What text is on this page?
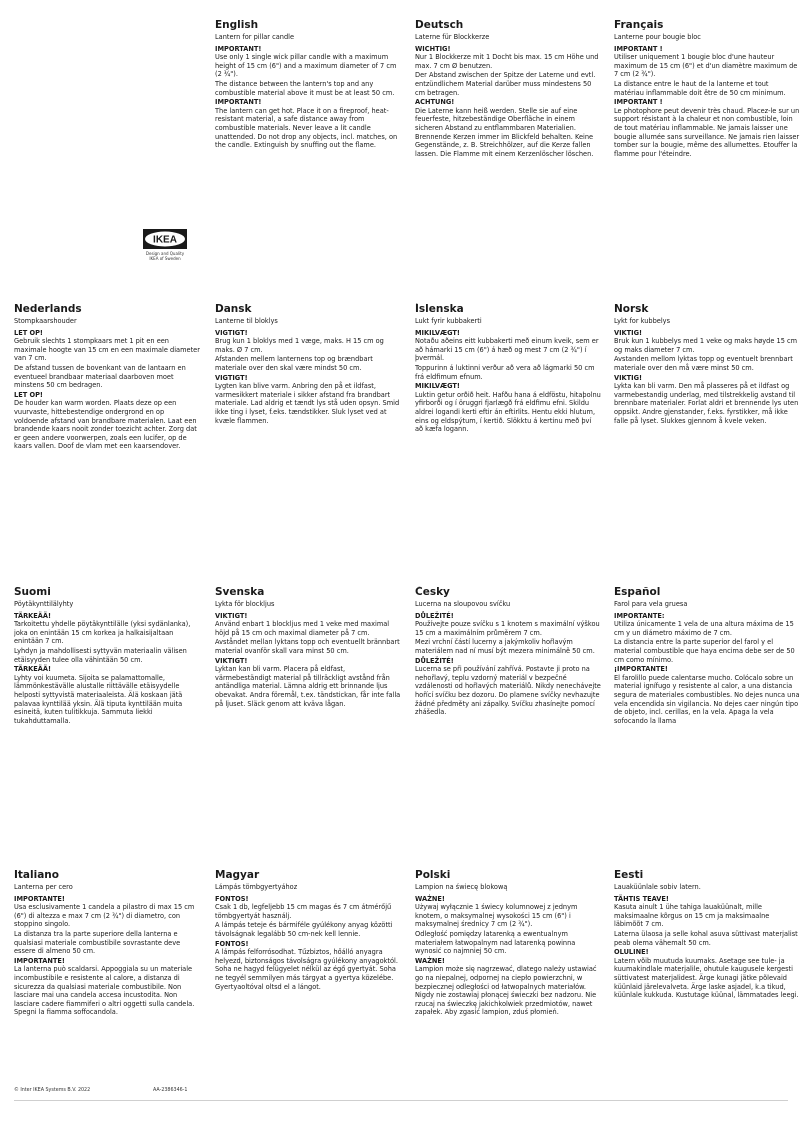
English
Lantern for pillar candle
IMPORTANT!
Use only 1 single wick pillar candle with a maximum height of 15 cm (6") and a maximum diameter of 7 cm (2 ¾").
The distance between the lantern's top and any combustible material above it must be at least 50 cm.
IMPORTANT!
The lantern can get hot. Place it on a fireproof, heat-resistant material, a safe distance away from combustible materials. Never leave a lit candle unattended. Do not drop any objects, incl. matches, on the candle. Extinguish by snuffing out the flame.
Deutsch
Laterne für Blockkerze
WICHTIG!
Nur 1 Blockkerze mit 1 Docht bis max. 15 cm Höhe und max. 7 cm Ø benutzen.
Der Abstand zwischen der Spitze der Laterne und evtl. entzündlichem Material darüber muss mindestens 50 cm betragen.
ACHTUNG!
Die Laterne kann heiß werden. Stelle sie auf eine feuerfeste, hitzebeständige Oberfläche in einem sicheren Abstand zu entflammbaren Materialien. Brennende Kerzen immer im Blickfeld behalten. Keine Gegenstände, z. B. Streichhölzer, auf die Kerze fallen lassen. Die Flamme mit einem Kerzenlöscher löschen.
Français
Lanterne pour bougie bloc
IMPORTANT !
Utiliser uniquement 1 bougie bloc d'une hauteur maximum de 15 cm (6") et d'un diamètre maximum de 7 cm (2 ¾").
La distance entre le haut de la lanterne et tout matériau inflammable doit être de 50 cm minimum.
IMPORTANT !
Le photophore peut devenir très chaud. Placez-le sur un support résistant à la chaleur et non combustible, loin de tout matériau inflammable. Ne jamais laisser une bougie allumée sans surveillance. Ne jamais rien laisser tomber sur la bougie, même des allumettes. Etouffer la flamme pour l'éteindre.
Nederlands
Stompkaarshouder
LET OP!
Gebruik slechts 1 stompkaars met 1 pit en een maximale hoogte van 15 cm en een maximale diameter van 7 cm.
De afstand tussen de bovenkant van de lantaarn en eventueel brandbaar materiaal daarboven moet minstens 50 cm bedragen.
LET OP!
De houder kan warm worden. Plaats deze op een vuurvaste, hittebestendige ondergrond en op voldoende afstand van brandbare materialen. Laat een brandende kaars nooit zonder toezicht achter. Zorg dat er geen andere voorwerpen, zoals een lucifer, op de kaars vallen. Doof de vlam met een kaarsendover.
Dansk
Lanterne til bloklys
VIGTIGT!
Brug kun 1 bloklys med 1 væge, maks. H 15 cm og maks. Ø 7 cm.
Afstanden mellem lanternens top og brændbart materiale over den skal være mindst 50 cm.
VIGTIGT!
Lygten kan blive varm. Anbring den på et ildfast, varmesikkert materiale i sikker afstand fra brandbart materiale. Lad aldrig et tændt lys stå uden opsyn. Smid ikke ting i lyset, f.eks. tændstikker. Sluk lyset ved at kvæle flammen.
Íslenska
Lukt fyrir kubbakerti
MIKILVÆGT!
Notaðu aðeins eitt kubbakerti með einum kveik, sem er að hámarki 15 cm (6") á hæð og mest 7 cm (2 ¾") í þvermál.
Toppurinn á luktinni verður að vera að lágmarki 50 cm frá eldfimum efnum.
MIKILVÆGT!
Luktin getur orðið heit. Hafðu hana á eldföstu, hitaþolnu yfirborði og í öruggri fjarlægð frá eldfimu efni. Skildu aldrei logandi kerti eftir án eftirlits. Hentu ekki hlutum, eins og eldspýtum, í kertið. Slökktu á kertinu með því að kæfa logann.
Norsk
Lykt for kubbelys
VIKTIG!
Bruk kun 1 kubbelys med 1 veke og maks høyde 15 cm og maks diameter 7 cm.
Avstanden mellom lyktas topp og eventuelt brennbart materiale over den må være minst 50 cm.
VIKTIG!
Lykta kan bli varm. Den må plasseres på et ildfast og varmebestandig underlag, med tilstrekkelig avstand til brennbare materialer. Forlat aldri et brennende lys uten oppsikt. Andre gjenstander, f.eks. fyrstikker, må ikke falle på lyset. Slukkes gjennom å kvele veken.
Suomi
Pöytäkynttilälyhty
TÄRKEÄÄ!
Tarkoitettu yhdelle pöytäkynttilälle (yksi sydänlanka), joka on enintään 15 cm korkea ja halkaisijaltaan enintään 7 cm.
Lyhdyn ja mahdollisesti syttyvän materiaalin välisen etäisyyden tulee olla vähintään 50 cm.
TÄRKEÄÄ!
Lyhty voi kuumeta. Sijoita se palamattomalle, lämmönkestävälle alustalle riittävälle etäisyydelle helposti syttyvistä materiaaleista. Älä koskaan jätä palavaa kynttilää yksin. Älä tiputa kynttilään muita esineitä, kuten tulitikkuja. Sammuta liekki tukahduttamalla.
Svenska
Lykta för blockljus
VIKTIGT!
Använd enbart 1 blockljus med 1 veke med maximal höjd på 15 cm och maximal diameter på 7 cm.
Avståndet mellan lyktans topp och eventuellt brännbart material ovanför skall vara minst 50 cm.
VIKTIGT!
Lyktan kan bli varm. Placera på eldfast, värmebeständigt material på tillräckligt avstånd från antändliga material. Lämna aldrig ett brinnande ljus obevakat. Andra föremål, t.ex. tändstickan, får inte falla på ljuset. Släck genom att kväva lågan.
Česky
Lucerna na sloupovou svíčku
DŮLEŽITÉ!
Používejte pouze svíčku s 1 knotem s maximální výškou 15 cm a maximálním průměrem 7 cm.
Mezi vrchní částí lucerny a jakýmkoliv hořlavým materiálem nad ní musí být mezera minimálně 50 cm.
DŮLEŽITÉ!
Lucerna se při používání zahřívá. Postavte ji proto na nehořlavý, teplu vzdorný materiál v bezpečné vzdálenosti od hořlavých materiálů. Nikdy nenechávejte hořící svíčku bez dozoru. Do plamene svíčky nevhazujte žádné předměty ani zápalky. Svíčku zhasínejte pomocí zhášedla.
Español
Farol para vela gruesa
IMPORTANTE:
Utiliza únicamente 1 vela de una altura máxima de 15 cm y un diámetro máximo de 7 cm.
La distancia entre la parte superior del farol y el material combustible que haya encima debe ser de 50 cm como mínimo.
¡IMPORTANTE!
El farolillo puede calentarse mucho. Colócalo sobre un material ignífugo y resistente al calor, a una distancia segura de materiales combustibles. No dejes nunca una vela encendida sin vigilancia. No dejes caer ningún tipo de objeto, incl. cerillas, en la vela. Apaga la vela sofocando la llama
Italiano
Lanterna per cero
IMPORTANTE!
Usa esclusivamente 1 candela a pilastro di max 15 cm (6") di altezza e max 7 cm (2 ¾") di diametro, con stoppino singolo.
La distanza tra la parte superiore della lanterna e qualsiasi materiale combustibile sovrastante deve essere di almeno 50 cm.
IMPORTANTE!
La lanterna può scaldarsi. Appoggiala su un materiale incombustibile e resistente al calore, a distanza di sicurezza da qualsiasi materiale combustibile. Non lasciare mai una candela accesa incustodita. Non lasciare cadere fiammiferi o altri oggetti sulla candela. Spegni la fiamma soffocandola.
Magyar
Lámpás tömbgyertyához
FONTOS!
Csak 1 db, legfeljebb 15 cm magas és 7 cm átmérőjű tömbgyertyát használj.
A lámpás teteje és bármiféle gyúlékony anyag közötti távolságnak legalább 50 cm-nek kell lennie.
FONTOS!
A lámpás felforrósodhat. Tűzbiztos, hőálló anyagra helyezd, biztonságos távolságra gyúlékony anyagoktól. Soha ne hagyd felügyelet nélkül az égő gyertyát. Soha ne tegyél semmilyen más tárgyat a gyertya közelébe. Gyertyaoltóval oltsd el a lángot.
Polski
Lampion na świecę blokową
WAŻNE!
Używaj wyłącznie 1 świecy kolumnowej z jednym knotem, o maksymalnej wysokości 15 cm (6") i maksymalnej średnicy 7 cm (2 ¾").
Odległość pomiędzy latarenką a ewentualnym materiałem łatwopalnym nad latarenką powinna wynosić co najmniej 50 cm.
WAŻNE!
Lampion może się nagrzewać, dlatego należy ustawiać go na niepalnej, odpornej na ciepło powierzchni, w bezpiecznej odległości od łatwopalnych materiałów. Nigdy nie zostawiaj płonącej świeczki bez nadzoru. Nie rzucaj na świeczkę jakichkolwiek przedmiotów, nawet zapałek. Aby zgasić lampion, zduś płomień.
Eesti
Lauaküünlale sobiv latern.
TÄHTIS TEAVE!
Kasuta ainult 1 ühe tahiga lauaküünalt, mille maksimaalne kõrgus on 15 cm ja maksimaalne läbimõõt 7 cm.
Laterna ülaosa ja selle kohal asuva süttivast materjalist peab olema vähemalt 50 cm.
OLULINE!
Latern võib muutuda kuumaks. Asetage see tule- ja kuumakindlale materjalile, ohutule kaugusele kergesti süttivatest materjalidest. Ärge kunagi jätke põlevaid küünlaid järelevalveta. Ärge laske asjadel, k.a tikud, küünlale kukkuda. Kustutage küünal, lämmatades leegi.
IKEA
Design and Quality
IKEA of Sweden
© Inter IKEA Systems B.V. 2022	AA-2386346-1
